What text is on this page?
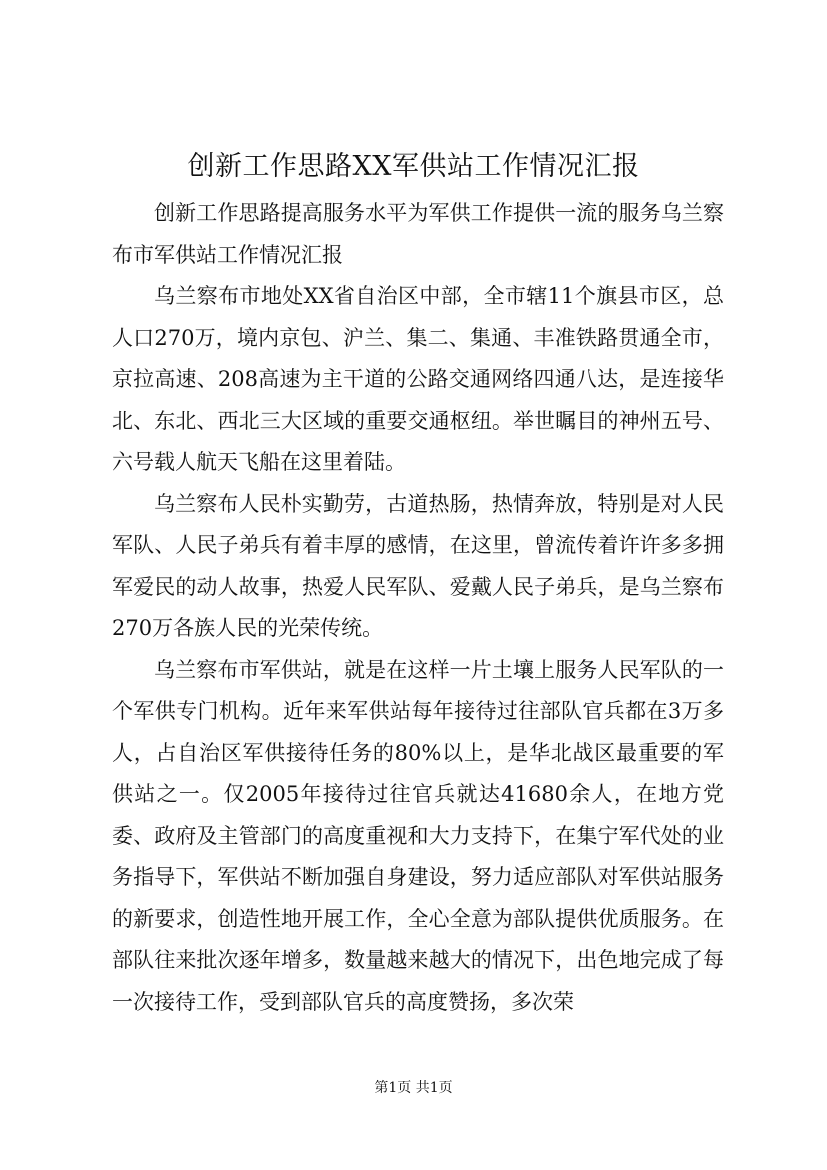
创新工作思路XX军供站工作情况汇报

创新工作思路提高服务水平为军供工作提供一流的服务乌兰察布市军供站工作情况汇报

乌兰察布市地处XX省自治区中部，全市辖11个旗县市区，总人口270万，境内京包、沪兰、集二、集通、丰准铁路贯通全市，京拉高速、208高速为主干道的公路交通网络四通八达，是连接华北、东北、西北三大区域的重要交通枢纽。举世瞩目的神州五号、六号载人航天飞船在这里着陆。

乌兰察布人民朴实勤劳，古道热肠，热情奔放，特别是对人民军队、人民子弟兵有着丰厚的感情，在这里，曾流传着许许多多拥军爱民的动人故事，热爱人民军队、爱戴人民子弟兵，是乌兰察布270万各族人民的光荣传统。

乌兰察布市军供站，就是在这样一片土壤上服务人民军队的一个军供专门机构。近年来军供站每年接待过往部队官兵都在3万多人，占自治区军供接待任务的80%以上，是华北战区最重要的军供站之一。仅2005年接待过往官兵就达41680余人，在地方党委、政府及主管部门的高度重视和大力支持下，在集宁军代处的业务指导下，军供站不断加强自身建设，努力适应部队对军供站服务的新要求，创造性地开展工作，全心全意为部队提供优质服务。在部队往来批次逐年增多，数量越来越大的情况下，出色地完成了每一次接待工作，受到部队官兵的高度赞扬，多次荣

第1页 共1页
